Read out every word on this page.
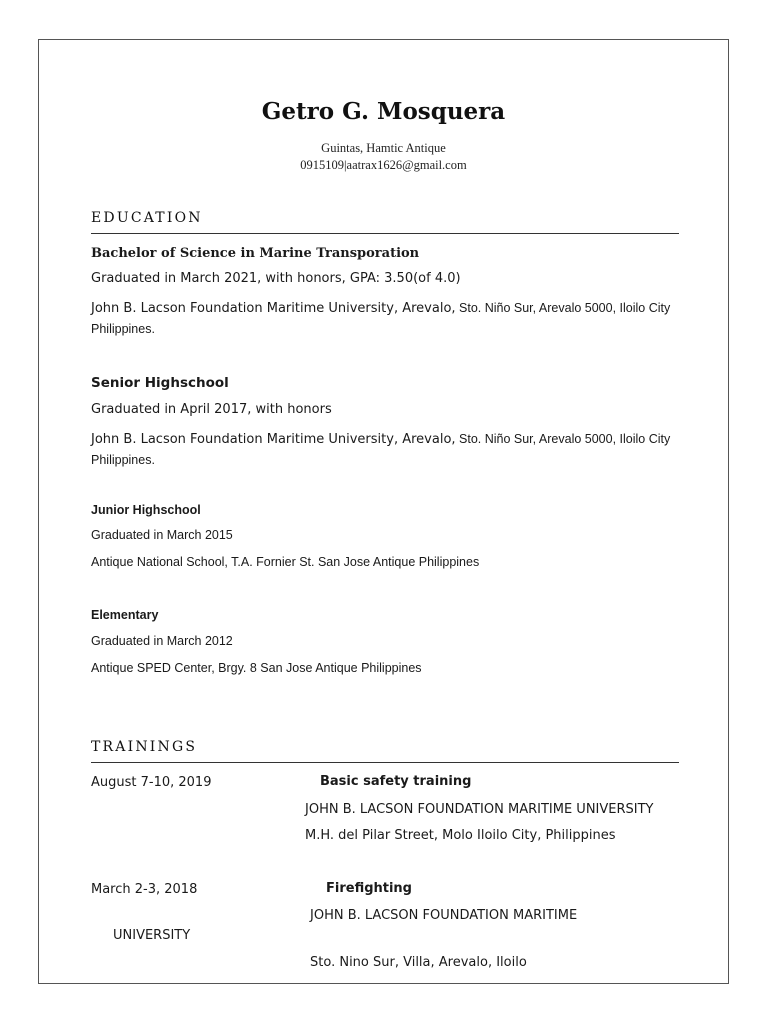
Getro G. Mosquera
Guintas, Hamtic Antique
0915109|aatrax1626@gmail.com
EDUCATION
Bachelor of Science in Marine Transporation
Graduated in March 2021, with honors, GPA: 3.50(of 4.0)
John B. Lacson Foundation Maritime University, Arevalo, Sto. Niño Sur, Arevalo 5000, Iloilo City Philippines.
Senior Highschool
Graduated in April 2017, with honors
John B. Lacson Foundation Maritime University, Arevalo, Sto. Niño Sur, Arevalo 5000, Iloilo City Philippines.
Junior Highschool
Graduated in March 2015
Antique National School, T.A. Fornier St. San Jose Antique Philippines
Elementary
Graduated in March 2012
Antique SPED Center, Brgy. 8 San Jose Antique Philippines
TRAININGS
August 7-10, 2019	Basic safety training
JOHN B. LACSON FOUNDATION MARITIME UNIVERSITY
M.H. del Pilar Street, Molo Iloilo City, Philippines
March 2-3, 2018	Firefighting
JOHN B. LACSON FOUNDATION MARITIME
UNIVERSITY
Sto. Nino Sur, Villa, Arevalo, Iloilo
